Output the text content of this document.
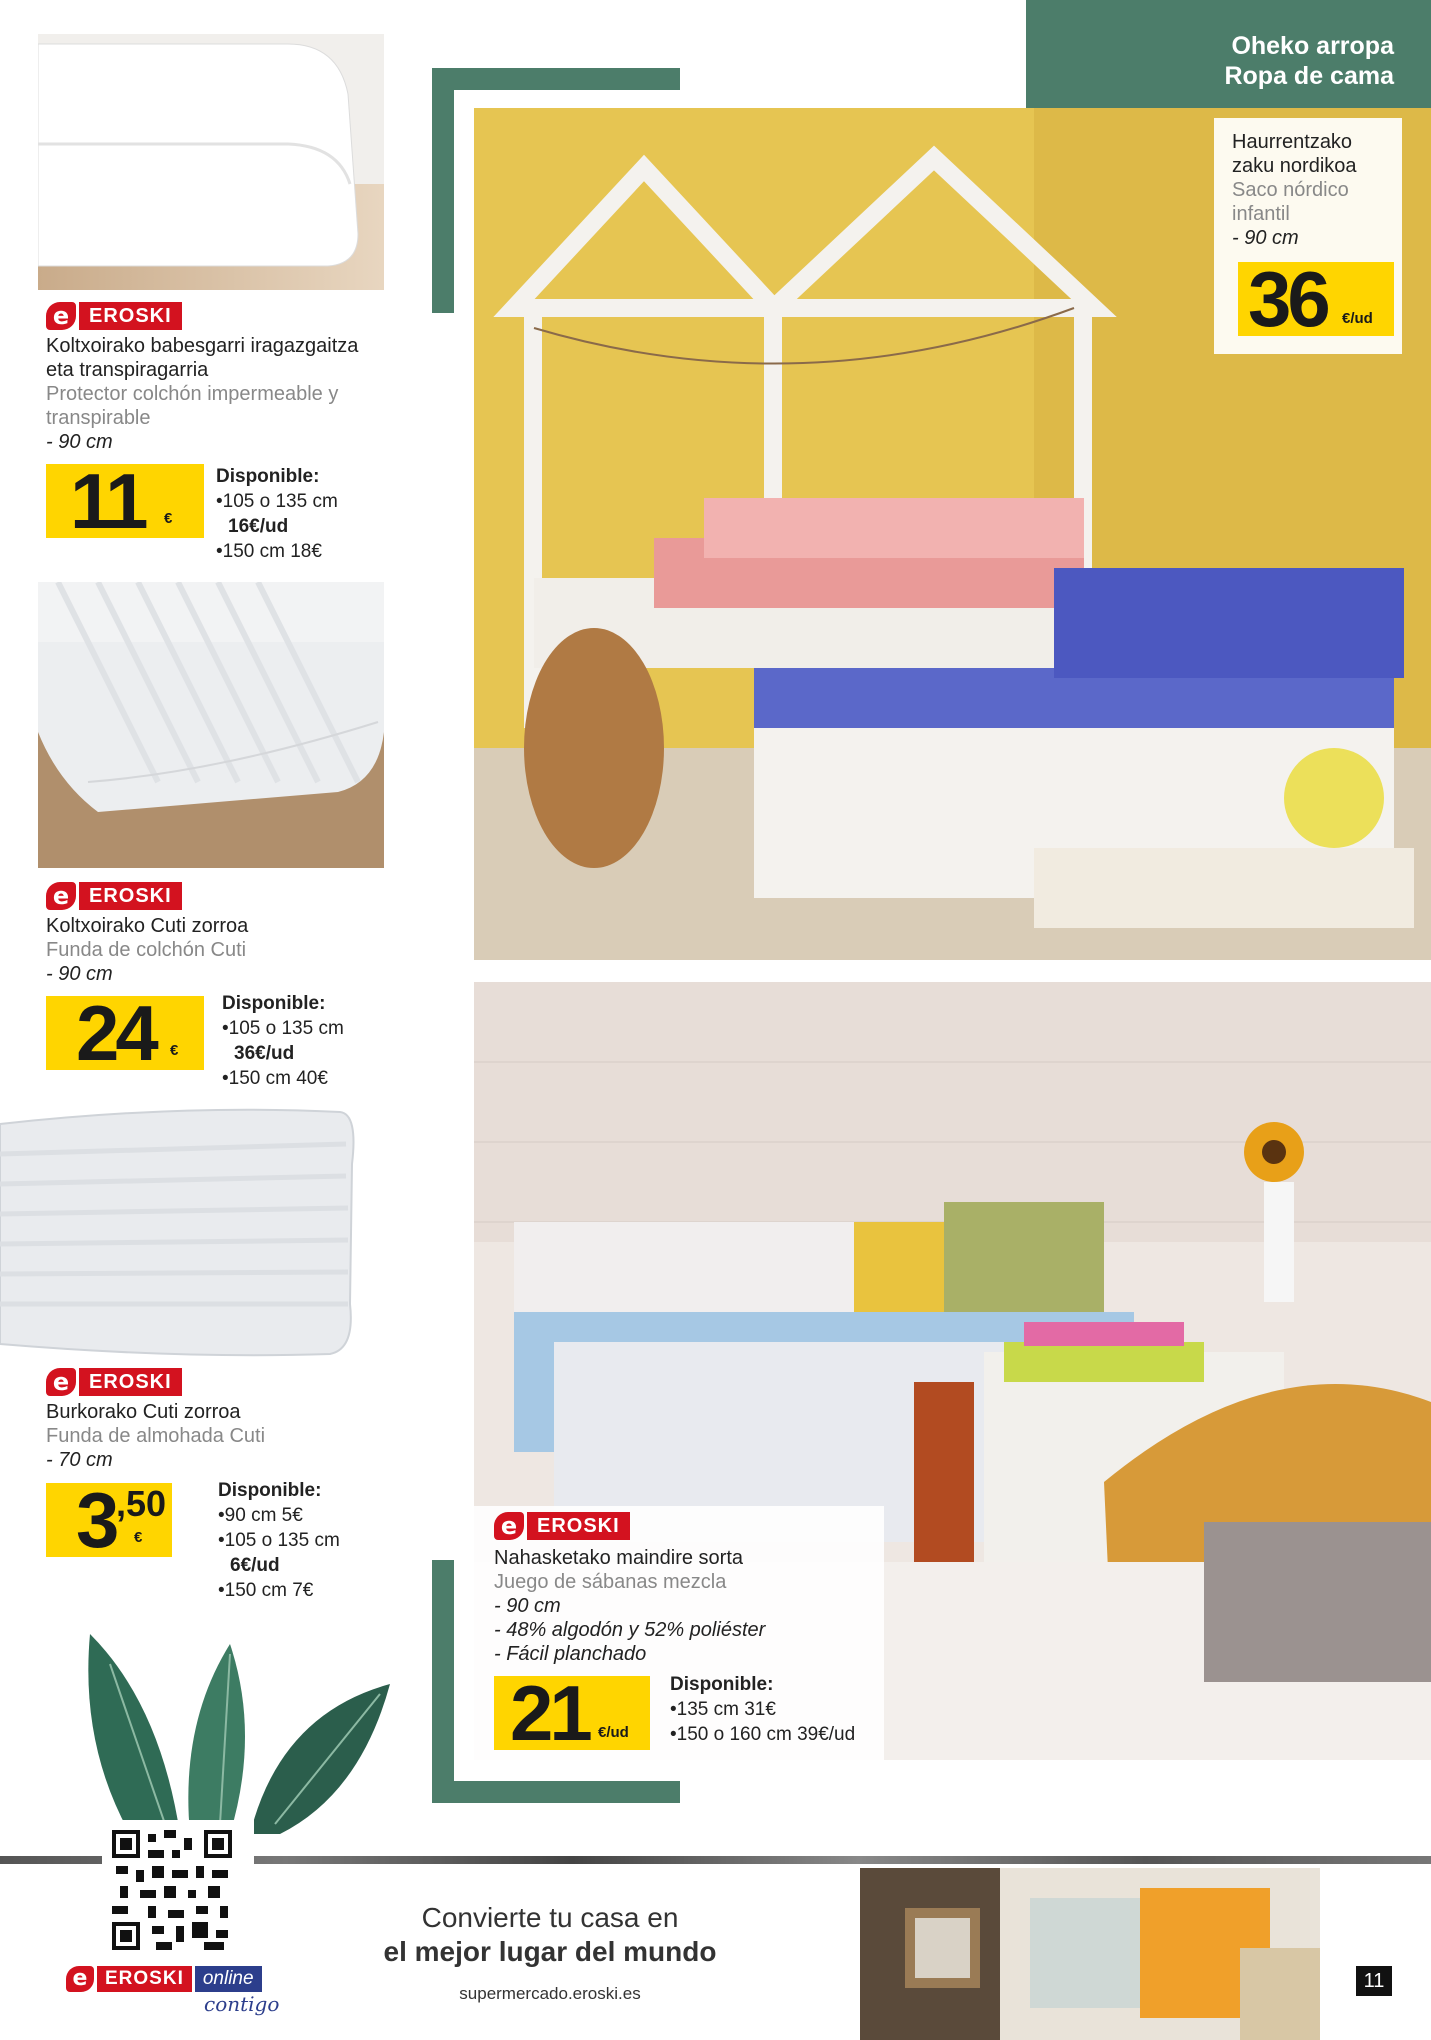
Oheko arropa
Ropa de cama
e EROSKI
Koltxoirako babesgarri iragazgaitza eta transpiragarria
Protector colchón impermeable y transpirable
- 90 cm
11 €
Disponible:
•105 o 135 cm
16€/ud
•150 cm 18€
e EROSKI
Koltxoirako Cuti zorroa
Funda de colchón Cuti
- 90 cm
24 €
Disponible:
•105 o 135 cm
36€/ud
•150 cm 40€
e EROSKI
Burkorako Cuti zorroa
Funda de almohada Cuti
- 70 cm
3 ,50
€
Disponible:
•90 cm 5€
•105 o 135 cm
6€/ud
•150 cm 7€
Haurrentzako zaku nordikoa
Saco nórdico infantil
- 90 cm
36 €/ud
e EROSKI
Nahasketako maindire sorta
Juego de sábanas mezcla
- 90 cm
- 48% algodón y 52% poliéster
- Fácil planchado
21 €/ud
Disponible:
•135 cm 31€
•150 o 160 cm 39€/ud
e EROSKI	online
contigo
Convierte tu casa en
el mejor lugar del mundo
supermercado.eroski.es
11
